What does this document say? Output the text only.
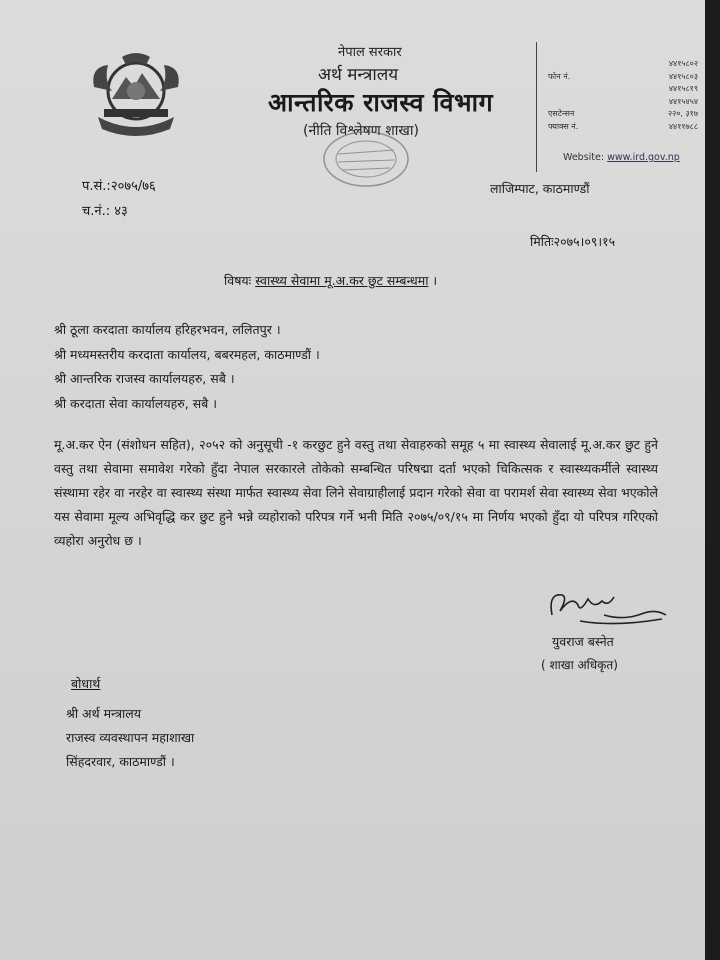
नेपाल सरकार
अर्थ मन्त्रालय
आन्तरिक राजस्व विभाग
(नीति विश्लेषण शाखा)
४४१५८०२
फोन नं.	४४१५८०३
४४१५८१९
४४१५४५४
एसटेन्सन	२२०, ३१७
फ्याक्स नं.	४४११७८८
Website: www.ird.gov.np
प.सं.:२०७५/७६
च.नं.: ४३
लाजिम्पाट, काठमाण्डौं
मितिः२०७५।०९।१५
विषयः स्वास्थ्य सेवामा मू.अ.कर छुट सम्बन्धमा ।
श्री ठूला करदाता कार्यालय हरिहरभवन, ललितपुर ।
श्री मध्यमस्तरीय करदाता कार्यालय, बबरमहल, काठमाण्डौं ।
श्री आन्तरिक राजस्व कार्यालयहरु, सबै ।
श्री करदाता सेवा कार्यालयहरु, सबै ।
मू.अ.कर ऐन (संशोधन सहित), २०५२ को अनुसूची -१ करछुट हुने वस्तु तथा सेवाहरुको समूह ५ मा स्वास्थ्य सेवालाई मू.अ.कर छुट हुने वस्तु तथा सेवामा समावेश गरेको हुँदा नेपाल सरकारले तोकेको सम्बन्धित परिषद्मा दर्ता भएको चिकित्सक र स्वास्थ्यकर्मीले स्वास्थ्य संस्थामा रहेर वा नरहेर वा स्वास्थ्य संस्था मार्फत स्वास्थ्य सेवा लिने सेवाग्राहीलाई प्रदान गरेको सेवा वा परामर्श सेवा स्वास्थ्य सेवा भएकोले यस सेवामा मूल्य अभिवृद्धि कर छुट हुने भन्ने व्यहोराको परिपत्र गर्ने भनी मिति २०७५/०९/१५ मा निर्णय भएको हुँदा यो परिपत्र गरिएको व्यहोरा अनुरोध छ ।
युवराज बस्नेत
( शाखा अधिकृत)
बोधार्थ
श्री अर्थ मन्त्रालय
राजस्व व्यवस्थापन महाशाखा
सिंहदरवार, काठमाण्डौं ।
